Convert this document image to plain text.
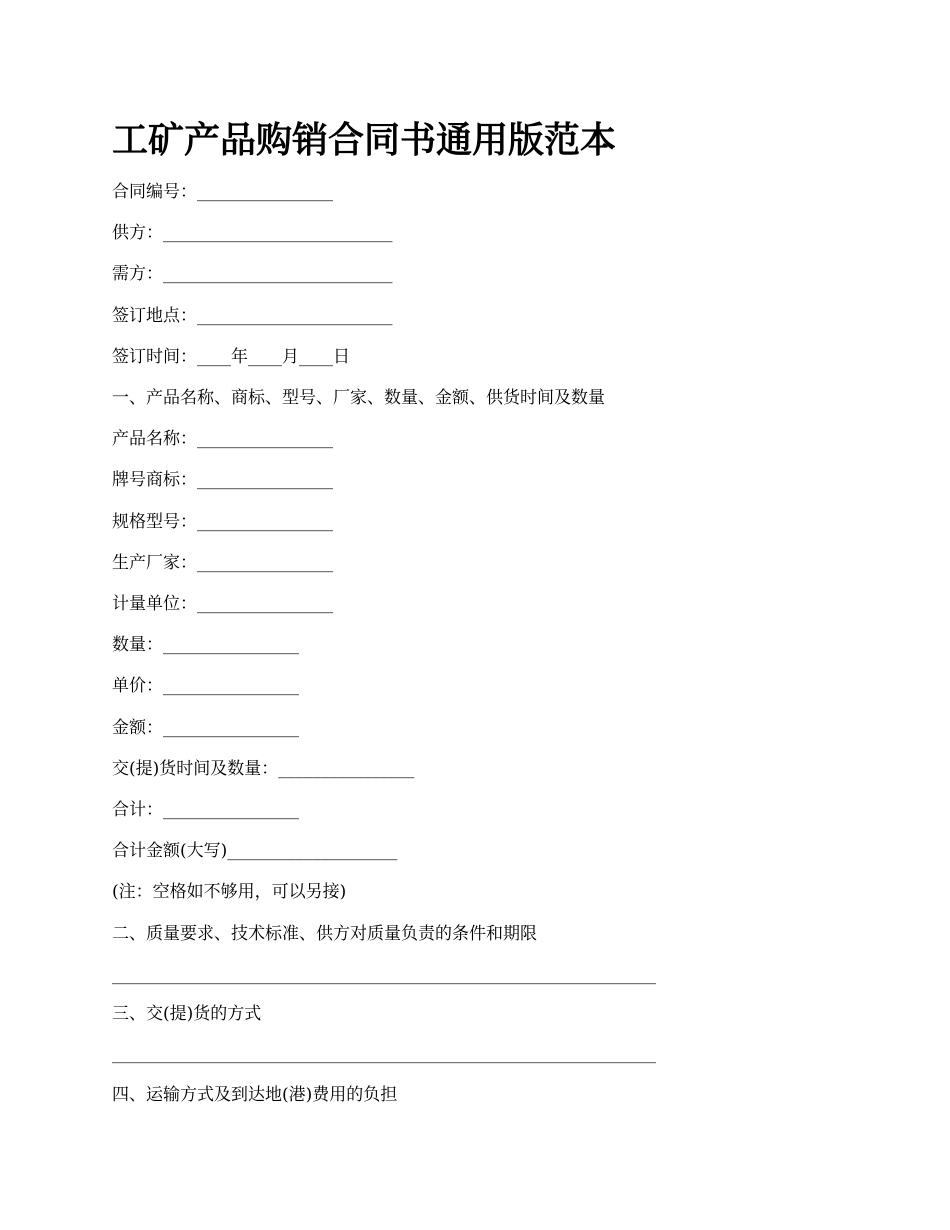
工矿产品购销合同书通用版范本
合同编号：________________
供方：___________________________
需方：___________________________
签订地点：_______________________
签订时间：____年____月____日
一、产品名称、商标、型号、厂家、数量、金额、供货时间及数量
产品名称：________________
牌号商标：________________
规格型号：________________
生产厂家：________________
计量单位：________________
数量：________________
单价：________________
金额：________________
交(提)货时间及数量：________________
合计：________________
合计金额(大写)____________________
(注：空格如不够用，可以另接)
二、质量要求、技术标准、供方对质量负责的条件和期限
________________________________________________________________
三、交(提)货的方式
________________________________________________________________
四、运输方式及到达地(港)费用的负担
